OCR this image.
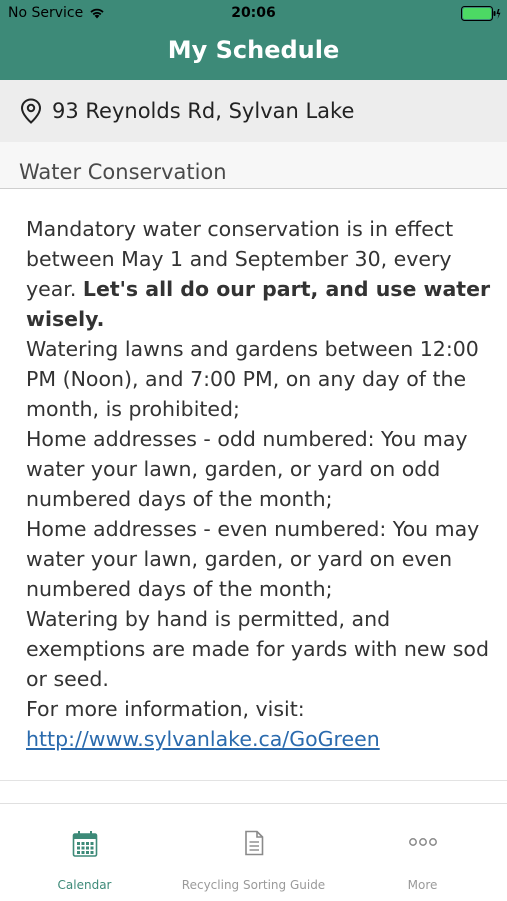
No Service	20:06
My Schedule
93 Reynolds Rd, Sylvan Lake
Water Conservation

Mandatory water conservation is in effect between May 1 and September 30, every year. Let's all do our part, and use water wisely.

Watering lawns and gardens between 12:00 PM (Noon), and 7:00 PM, on any day of the month, is prohibited;

Home addresses - odd numbered: You may water your lawn, garden, or yard on odd numbered days of the month;

Home addresses - even numbered: You may water your lawn, garden, or yard on even numbered days of the month;

Watering by hand is permitted, and exemptions are made for yards with new sod or seed.

For more information, visit:

http://www.sylvanlake.ca/GoGreen

Calendar	Recycling Sorting Guide	More
